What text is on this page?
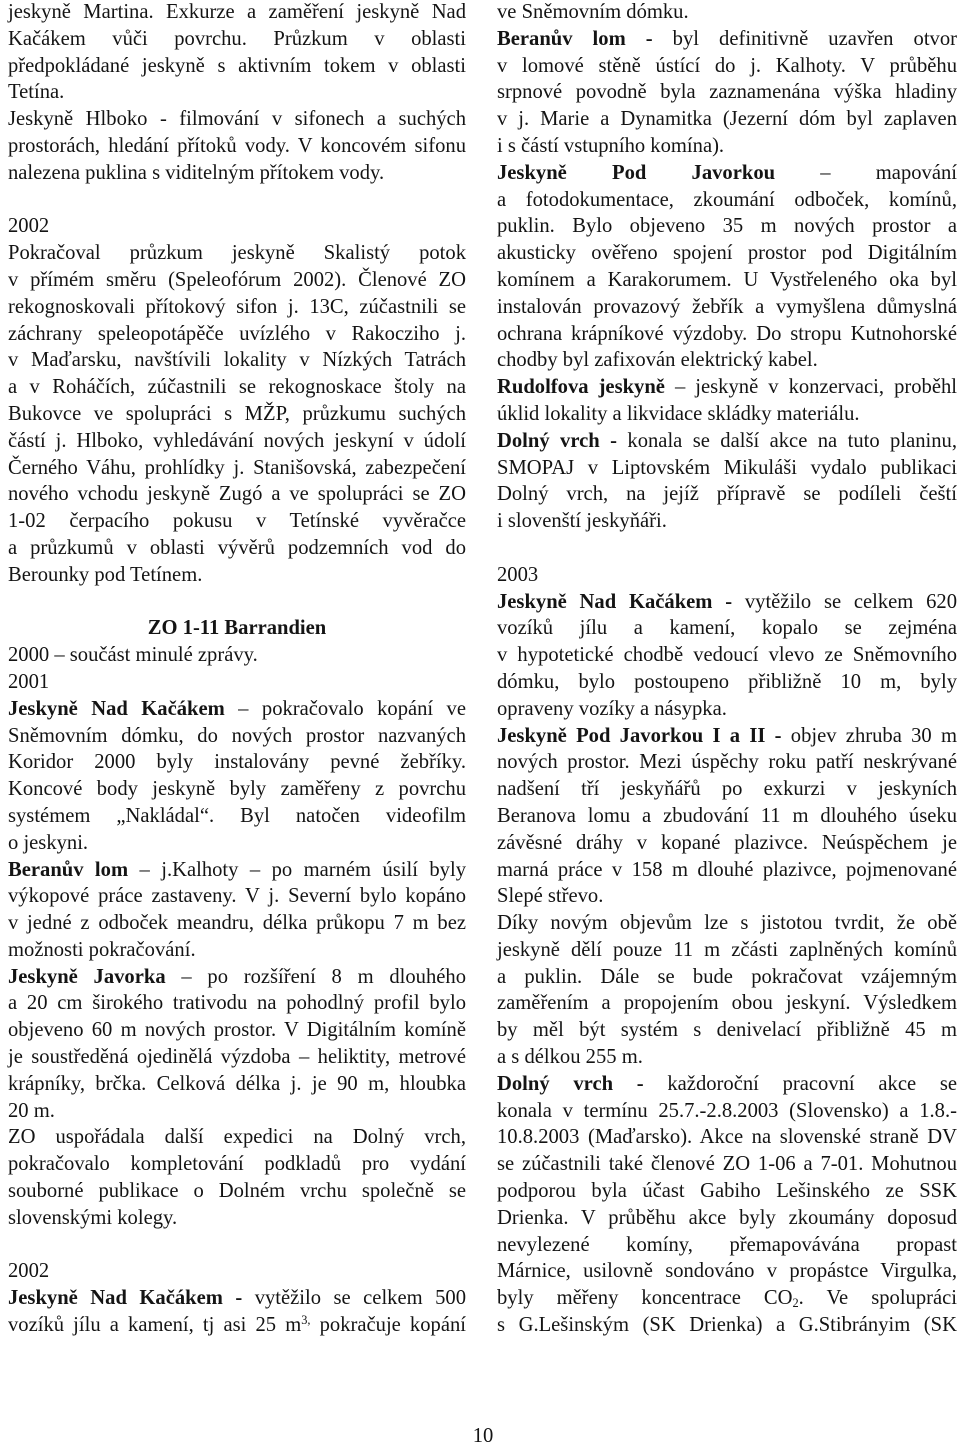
jeskyně Martina. Exkurze a zaměření jeskyně Nad
Kačákem vůči povrchu. Průzkum v oblasti
předpokládané jeskyně s aktivním tokem v oblasti
Tetína.
Jeskyně Hlboko - filmování v sifonech a suchých
prostorách, hledání přítoků vody. V koncovém sifonu
nalezena puklina s viditelným přítokem vody.
2002
Pokračoval průzkum jeskyně Skalistý potok
v přímém směru (Speleofórum 2002). Členové ZO
rekognoskovali přítokový sifon j. 13C, zúčastnili se
záchrany speleopotápěče uvízlého v Rakocziho j.
v Maďarsku, navštívili lokality v Nízkých Tatrách
a v Roháčích, zúčastnili se rekognoskace štoly na
Bukovce ve spolupráci s MŽP, průzkumu suchých
částí j. Hlboko, vyhledávání nových jeskyní v údolí
Černého Váhu, prohlídky j. Stanišovská, zabezpečení
nového vchodu jeskyně Zugó a ve spolupráci se ZO
1-02 čerpacího pokusu v Tetínské vyvěračce
a průzkumů v oblasti vývěrů podzemních vod do
Berounky pod Tetínem.
ZO 1-11 Barrandien
2000 – součást minulé zprávy.
2001
Jeskyně Nad Kačákem – pokračovalo kopání ve
Sněmovním dómku, do nových prostor nazvaných
Koridor 2000 byly instalovány pevné žebříky.
Koncové body jeskyně byly zaměřeny z povrchu
systémem „Nakládal“. Byl natočen videofilm
o jeskyni.
Beranův lom – j.Kalhoty – po marném úsilí byly
výkopové práce zastaveny. V j. Severní bylo kopáno
v jedné z odboček meandru, délka průkopu 7 m bez
možnosti pokračování.
Jeskyně Javorka – po rozšíření 8 m dlouhého
a 20 cm širokého trativodu na pohodlný profil bylo
objeveno 60 m nových prostor. V Digitálním komíně
je soustředěná ojedinělá výzdoba – heliktity, metrové
krápníky, brčka. Celková délka j. je 90 m, hloubka
20 m.
ZO uspořádala další expedici na Dolný vrch,
pokračovalo kompletování podkladů pro vydání
souborné publikace o Dolném vrchu společně se
slovenskými kolegy.
2002
Jeskyně Nad Kačákem - vytěžilo se celkem 500
vozíků jílu a kamení, tj asi 25 $m^{3,}$ pokračuje kopání
ve Sněmovním dómku.
Beranův lom - byl definitivně uzavřen otvor
v lomové stěně ústící do j. Kalhoty. V průběhu
srpnové povodně byla zaznamenána výška hladiny
v j. Marie a Dynamitka (Jezerní dóm byl zaplaven
i s částí vstupního komína).
Jeskyně Pod Javorkou – mapování
a fotodokumentace, zkoumání odboček, komínů,
puklin. Bylo objeveno 35 m nových prostor a
akusticky ověřeno spojení prostor pod Digitálním
komínem a Karakorumem. U Vystřeleného oka byl
instalován provazový žebřík a vymyšlena důmyslná
ochrana krápníkové výzdoby. Do stropu Kutnohorské
chodby byl zafixován elektrický kabel.
Rudolfova jeskyně – jeskyně v konzervaci, proběhl
úklid lokality a likvidace skládky materiálu.
Dolný vrch - konala se další akce na tuto planinu,
SMOPAJ v Liptovském Mikuláši vydalo publikaci
Dolný vrch, na jejíž přípravě se podíleli čeští
i slovenští jeskyňáři.
2003
Jeskyně Nad Kačákem - vytěžilo se celkem 620
vozíků jílu a kamení, kopalo se zejména
v hypotetické chodbě vedoucí vlevo ze Sněmovního
dómku, bylo postoupeno přibližně 10 m, byly
opraveny vozíky a násypka.
Jeskyně Pod Javorkou I a II - objev zhruba 30 m
nových prostor. Mezi úspěchy roku patří neskrývané
nadšení tří jeskyňářů po exkurzi v jeskyních
Beranova lomu a zbudování 11 m dlouhého úseku
závěsné dráhy v kopané plazivce. Neúspěchem je
marná práce v 158 m dlouhé plazivce, pojmenované
Slepé střevo.
Díky novým objevům lze s jistotou tvrdit, že obě
jeskyně dělí pouze 11 m zčásti zaplněných komínů
a puklin. Dále se bude pokračovat vzájemným
zaměřením a propojením obou jeskyní. Výsledkem
by měl být systém s denivelací přibližně 45 m
a s délkou 255 m.
Dolný vrch - každoroční pracovní akce se
konala v termínu 25.7.-2.8.2003 (Slovensko) a 1.8.-
10.8.2003 (Maďarsko). Akce na slovenské straně DV
se zúčastnili také členové ZO 1-06 a 7-01. Mohutnou
podporou byla účast Gabiho Lešinského ze SSK
Drienka. V průběhu akce byly zkoumány doposud
nevylezené komíny, přemapovávána propast
Márnice, usilovně sondováno v propástce Virgulka,
byly měřeny koncentrace $CO_2$. Ve spolupráci
s G.Lešinským (SK Drienka) a G.Stibrányim (SK
10
